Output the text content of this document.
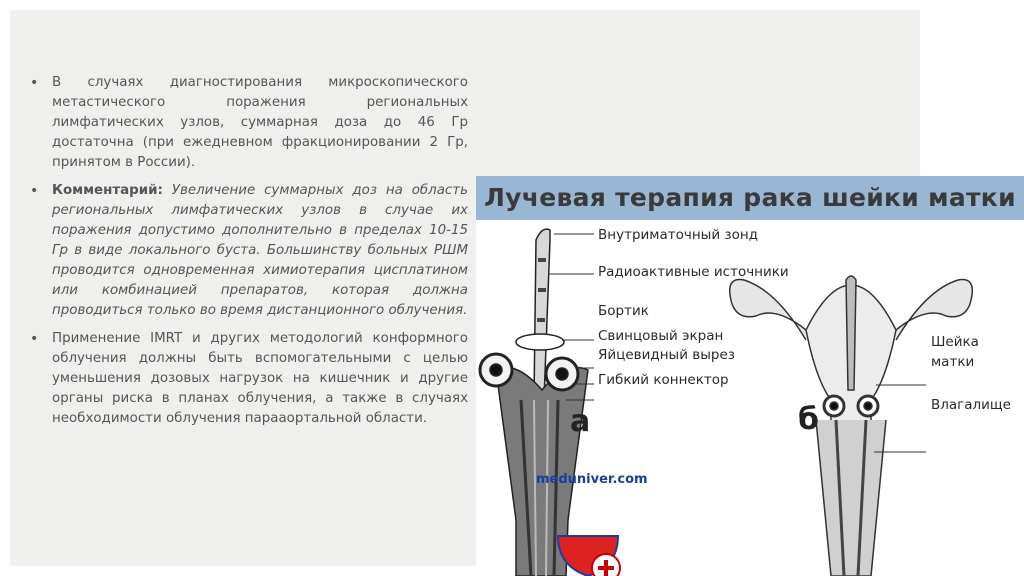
•	В случаях диагностирования микроскопического метастического поражения региональных лимфатических узлов, суммарная доза до 46 Гр достаточна (при ежедневном фракционировании 2 Гр, принятом в России).
•	Комментарий: Увеличение суммарных доз на область региональных лимфатических узлов в случае их поражения допустимо дополнительно в пределах 10-15 Гр в виде локального буста. Большинству больных РШМ проводится одновременная химиотерапия цисплатином или комбинацией препаратов, которая должна проводиться только во время дистанционного облучения.
•	Применение IMRT и других методологий конформного облучения должны быть вспомогательными с целью уменьшения дозовых нагрузок на кишечник и другие органы риска в планах облучения, а также в случаях необходимости облучения парааортальной области.
Лучевая терапия рака шейки матки
Внутриматочный зонд
Радиоактивные источники
Бортик
Свинцовый экран
Яйцевидный вырез
Гибкий коннектор
Шейка матки
Влагалище
а	б
meduniver.com
